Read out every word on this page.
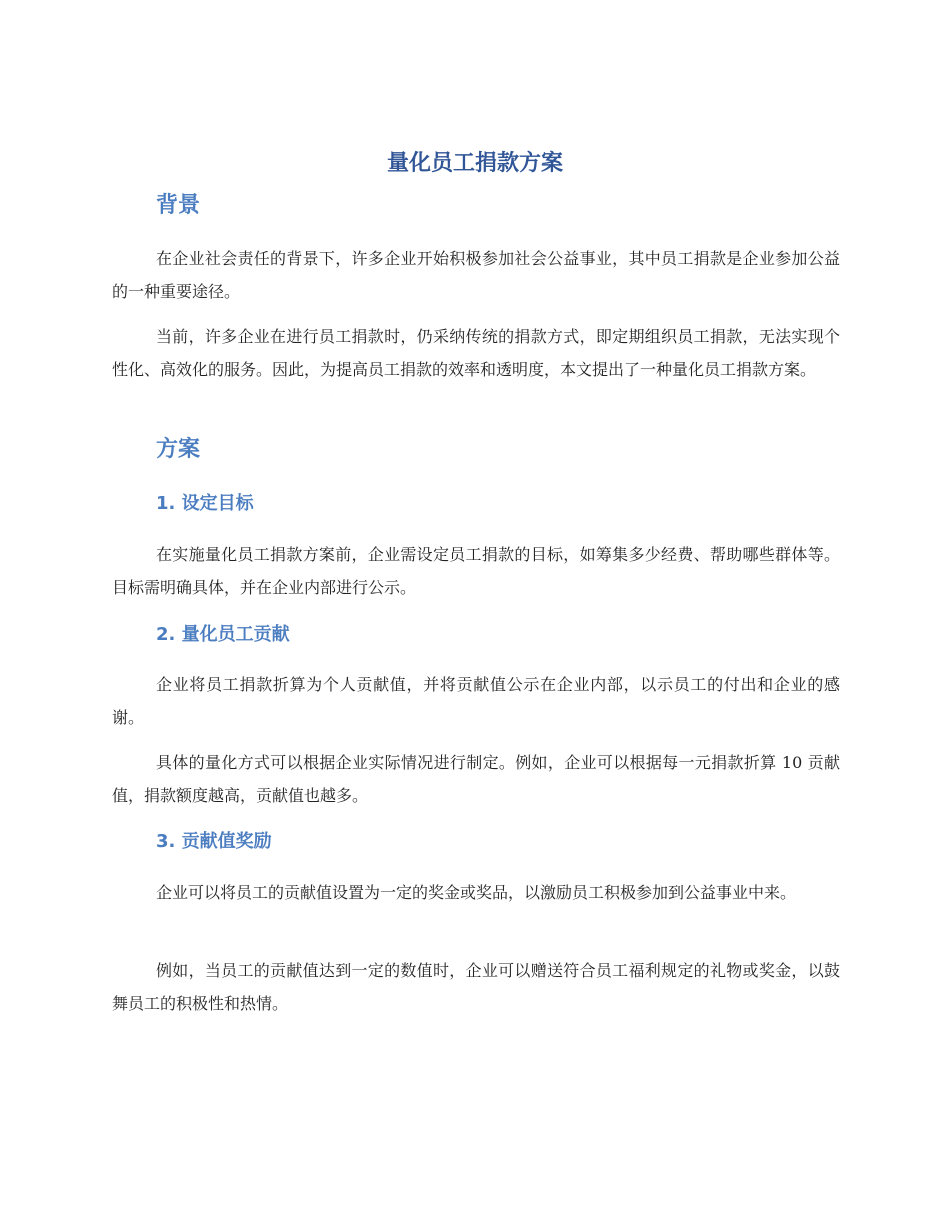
量化员工捐款方案
背景

在企业社会责任的背景下，许多企业开始积极参加社会公益事业，其中员工捐款是企业参加公益的一种重要途径。

当前，许多企业在进行员工捐款时，仍采纳传统的捐款方式，即定期组织员工捐款，无法实现个性化、高效化的服务。因此，为提高员工捐款的效率和透明度，本文提出了一种量化员工捐款方案。

方案
1. 设定目标

在实施量化员工捐款方案前，企业需设定员工捐款的目标，如筹集多少经费、帮助哪些群体等。目标需明确具体，并在企业内部进行公示。

2. 量化员工贡献

企业将员工捐款折算为个人贡献值，并将贡献值公示在企业内部，以示员工的付出和企业的感谢。

具体的量化方式可以根据企业实际情况进行制定。例如，企业可以根据每一元捐款折算 10 贡献值，捐款额度越高，贡献值也越多。

3. 贡献值奖励

企业可以将员工的贡献值设置为一定的奖金或奖品，以激励员工积极参加到公益事业中来。

例如，当员工的贡献值达到一定的数值时，企业可以赠送符合员工福利规定的礼物或奖金，以鼓舞员工的积极性和热情。
